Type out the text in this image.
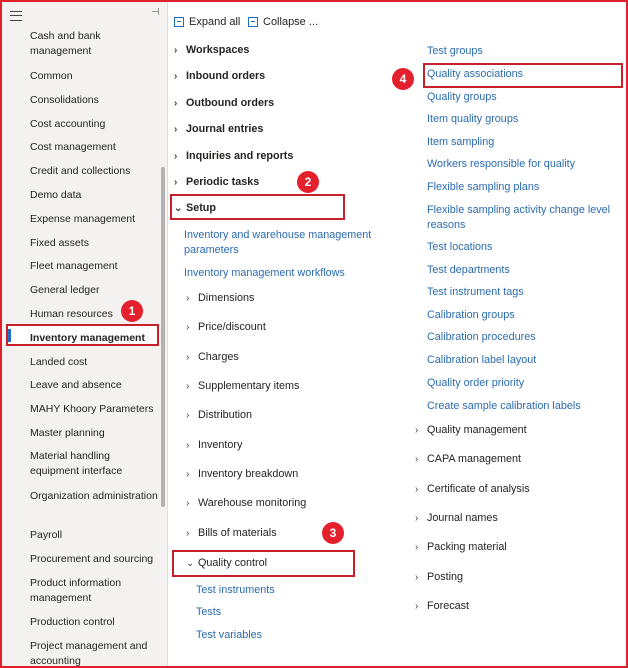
⊣
Cash and bank management
Common
Consolidations
Cost accounting
Cost management
Credit and collections
Demo data
Expense management
Fixed assets
Fleet management
General ledger
Human resources
Inventory management
Landed cost
Leave and absence
MAHY Khoory Parameters
Master planning
Material handling equipment interface
Organization administration
Payroll
Procurement and sourcing
Product information management
Production control
Project management and accounting
1
Expand all Collapse ...
› Workspaces
› Inbound orders
› Outbound orders
› Journal entries
› Inquiries and reports
› Periodic tasks	2
⌄ Setup
Inventory and warehouse management parameters
Inventory management workflows
› Dimensions
› Price/discount
› Charges
› Supplementary items
› Distribution
› Inventory
› Inventory breakdown
› Warehouse monitoring
› Bills of materials	3
⌄ Quality control
Test instruments
Tests
Test variables
Test groups
Quality associations
Quality groups
Item quality groups
Item sampling
Workers responsible for quality
Flexible sampling plans
Flexible sampling activity change level reasons
Test locations
Test departments
Test instrument tags
Calibration groups
Calibration procedures
Calibration label layout
Quality order priority
Create sample calibration labels
› Quality management
› CAPA management
› Certificate of analysis
› Journal names
› Packing material
› Posting
› Forecast
4
